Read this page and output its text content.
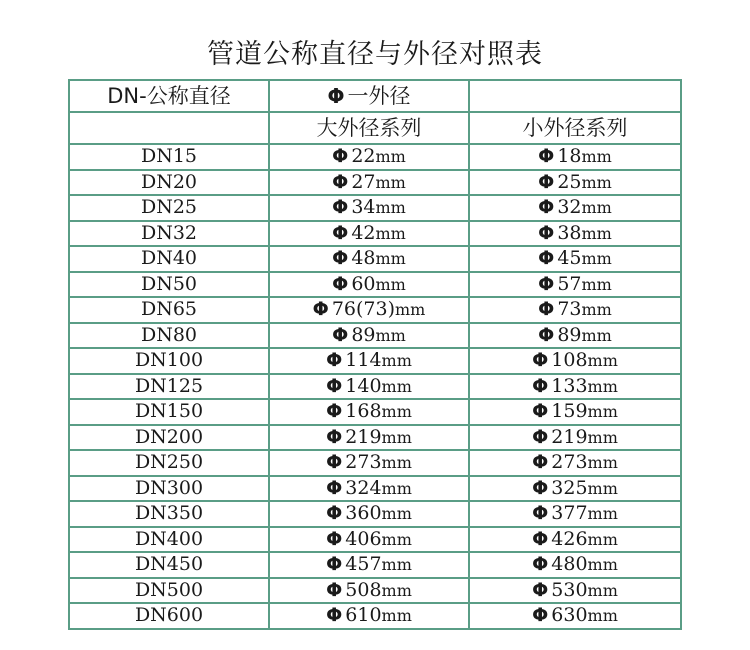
管道公称直径与外径对照表
DN-公称直径	Φ 一外径	
	大外径系列	小外径系列
DN15	Φ 22mm	Φ 18mm
DN20	Φ 27mm	Φ 25mm
DN25	Φ 34mm	Φ 32mm
DN32	Φ 42mm	Φ 38mm
DN40	Φ 48mm	Φ 45mm
DN50	Φ 60mm	Φ 57mm
DN65	Φ 76(73)mm	Φ 73mm
DN80	Φ 89mm	Φ 89mm
DN100	Φ 114mm	Φ 108mm
DN125	Φ 140mm	Φ 133mm
DN150	Φ 168mm	Φ 159mm
DN200	Φ 219mm	Φ 219mm
DN250	Φ 273mm	Φ 273mm
DN300	Φ 324mm	Φ 325mm
DN350	Φ 360mm	Φ 377mm
DN400	Φ 406mm	Φ 426mm
DN450	Φ 457mm	Φ 480mm
DN500	Φ 508mm	Φ 530mm
DN600	Φ 610mm	Φ 630mm
